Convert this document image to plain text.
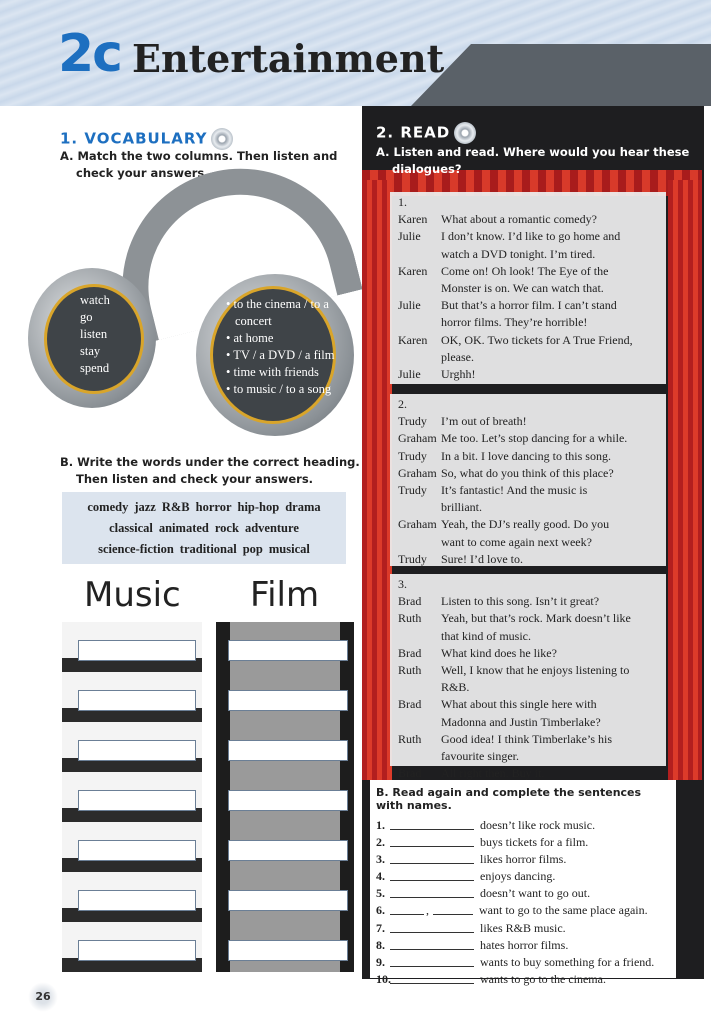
2c Entertainment
1. VOCABULARY
A. Match the two columns. Then listen and
check your answers.
watch
go
listen
stay
spend
• to the cinema / to a
concert
• at home
• TV / a DVD / a film
• time with friends
• to music / to a song
B. Write the words under the correct heading.
Then listen and check your answers.
comedy jazz R&B horror hip-hop drama
classical animated rock adventure
science-fiction traditional pop musical
Music Film
2. READ
A. Listen and read. Where would you hear these
dialogues?
1.
Karen	What about a romantic comedy?
Julie	I don’t know. I’d like to go home and
watch a DVD tonight. I’m tired.
Karen	Come on! Oh look! The Eye of the
Monster is on. We can watch that.
Julie	But that’s a horror film. I can’t stand
horror films. They’re horrible!
Karen	OK, OK. Two tickets for A True Friend,
please.
Julie	Urghh!
2.
Trudy	I’m out of breath!
Graham Me too. Let’s stop dancing for a while.
Trudy	In a bit. I love dancing to this song.
Graham So, what do you think of this place?
Trudy	It’s fantastic! And the music is
brilliant.
Graham Yeah, the DJ’s really good. Do you
want to come again next week?
Trudy	Sure! I’d love to.
3.
Brad	Listen to this song. Isn’t it great?
Ruth	Yeah, but that’s rock. Mark doesn’t like
that kind of music.
Brad	What kind does he like?
Ruth	Well, I know that he enjoys listening to R&B.
Brad	What about this single here with
Madonna and Justin Timberlake?
Ruth	Good idea! I think Timberlake’s his
favourite singer.
Brad	All right then. Buy it.
B. Read again and complete the sentences with names.
1.	doesn’t like rock music.
2.	buys tickets for a film.
3.	likes horror films.
4.	enjoys dancing.
5.	doesn’t want to go out.
6.	,	want to go to the same place again.
7.	likes R&B music.
8.	hates horror films.
9.	wants to buy something for a friend.
10.	wants to go to the cinema.
26
